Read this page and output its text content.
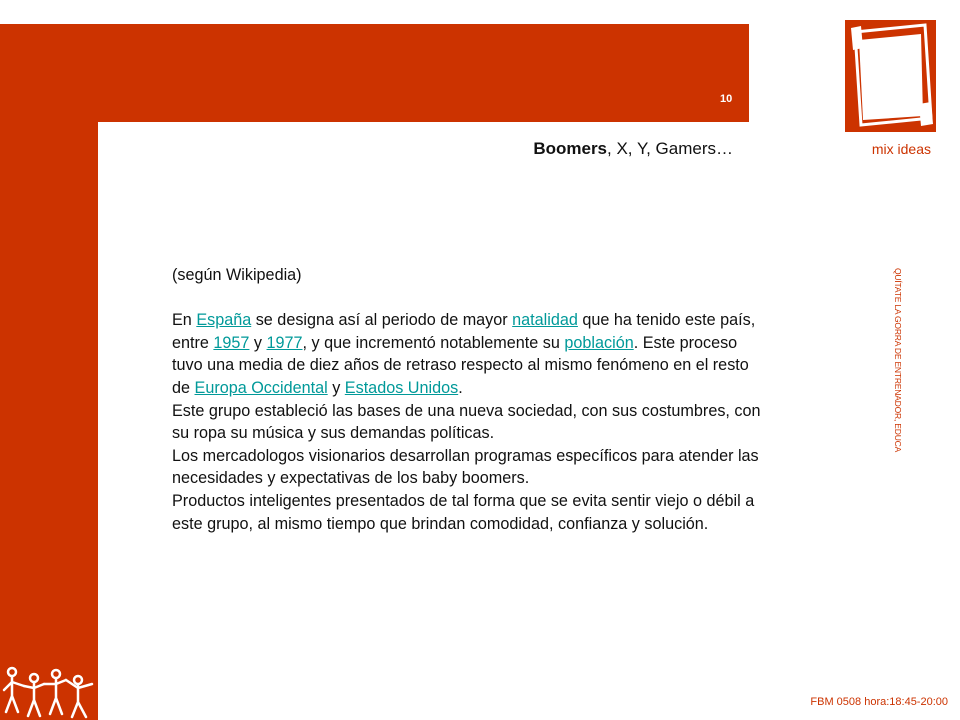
10
mix ideas
Boomers, X, Y, Gamers…
QUÍTATE LA GORRA DE ENTRENADOR, EDUCA

(según Wikipedia)

En España se designa así al periodo de mayor natalidad que ha tenido este país, entre 1957 y 1977, y que incrementó notablemente su población. Este proceso tuvo una media de diez años de retraso respecto al mismo fenómeno en el resto de Europa Occidental y Estados Unidos.

Este grupo estableció las bases de una nueva sociedad, con sus costumbres, con su ropa su música y sus demandas políticas.

Los mercadologos visionarios desarrollan programas específicos para atender las necesidades y expectativas de los baby boomers.

Productos inteligentes presentados de tal forma que se evita sentir viejo o débil a este grupo, al mismo tiempo que brindan comodidad, confianza y solución.

FBM 0508 hora:18:45-20:00
